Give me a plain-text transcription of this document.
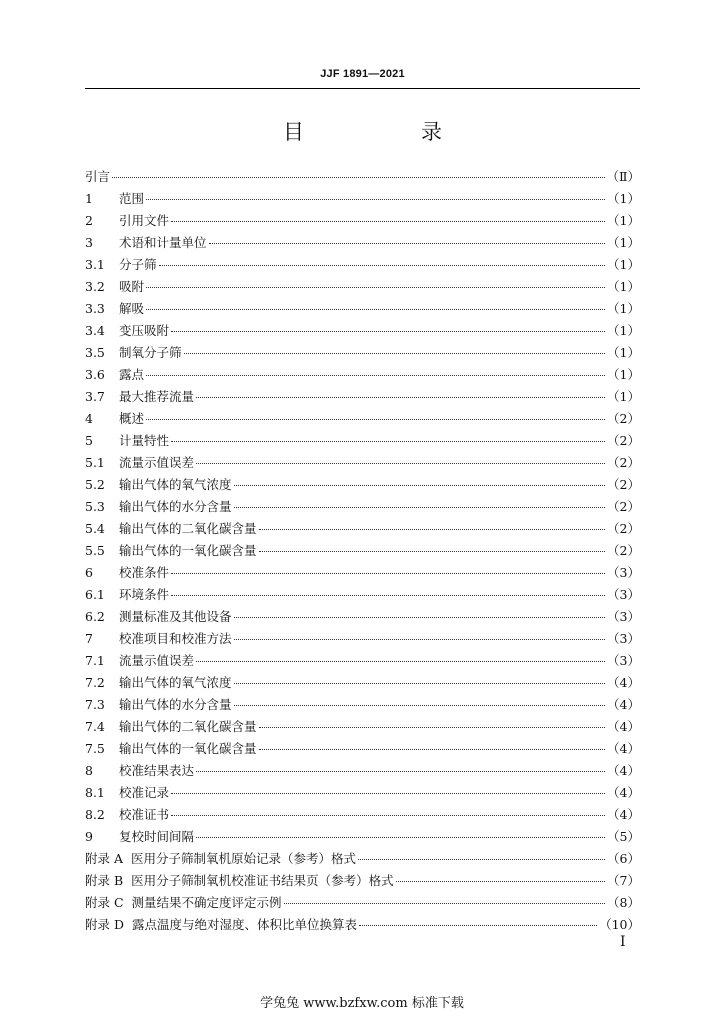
JJF 1891—2021
目　录
引言	（Ⅱ）
1	范围	（1）
2	引用文件	（1）
3	术语和计量单位	（1）
3.1	分子筛	（1）
3.2	吸附	（1）
3.3	解吸	（1）
3.4	变压吸附	（1）
3.5	制氧分子筛	（1）
3.6	露点	（1）
3.7	最大推荐流量	（1）
4	概述	（2）
5	计量特性	（2）
5.1	流量示值误差	（2）
5.2	输出气体的氧气浓度	（2）
5.3	输出气体的水分含量	（2）
5.4	输出气体的二氧化碳含量	（2）
5.5	输出气体的一氧化碳含量	（2）
6	校准条件	（3）
6.1	环境条件	（3）
6.2	测量标准及其他设备	（3）
7	校准项目和校准方法	（3）
7.1	流量示值误差	（3）
7.2	输出气体的氧气浓度	（4）
7.3	输出气体的水分含量	（4）
7.4	输出气体的二氧化碳含量	（4）
7.5	输出气体的一氧化碳含量	（4）
8	校准结果表达	（4）
8.1	校准记录	（4）
8.2	校准证书	（4）
9	复校时间间隔	（5）
附录 A 医用分子筛制氧机原始记录（参考）格式	（6）
附录 B 医用分子筛制氧机校准证书结果页（参考）格式	（7）
附录 C 测量结果不确定度评定示例	（8）
附录 D 露点温度与绝对湿度、体积比单位换算表	（10）
Ⅰ
学兔兔 www.bzfxw.com 标准下载
